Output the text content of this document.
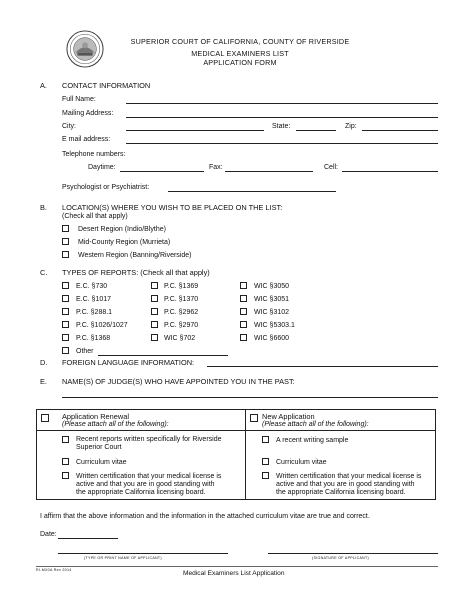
SUPERIOR COURT OF CALIFORNIA, COUNTY OF RIVERSIDE
MEDICAL EXAMINERS LIST
APPLICATION FORM
A. CONTACT INFORMATION
Full Name:
Mailing Address:
City:	State:	Zip:
E mail address:
Telephone numbers:
Daytime:	Fax:	Cell:
Psychologist or Psychiatrist:
B. LOCATION(S) WHERE YOU WISH TO BE PLACED ON THE LIST:
(Check all that apply)
Desert Region (Indio/Blythe)
Mid-County Region (Murrieta)
Western Region (Banning/Riverside)
C. TYPES OF REPORTS: (Check all that apply)
E.C. §730
E.C. §1017
P.C. §288.1
P.C. §1026/1027
P.C. §1368
Other
P.C. §1369
P.C. §1370
P.C. §2962
P.C. §2970
WIC §702
WIC §3050
WIC §3051
WIC §3102
WIC §5303.1
WIC §6600
D. FOREIGN LANGUAGE INFORMATION:
E. NAME(S) OF JUDGE(S) WHO HAVE APPOINTED YOU IN THE PAST:
Application Renewal
(Please attach all of the following):
New Application
(Please attach all of the following):
Recent reports written specifically for Riverside
Superior Court
Curriculum vitae
Written certification that your medical license is
active and that you are in good standing with
the appropriate California licensing board.
A recent writing sample
Curriculum vitae
Written certification that your medical license is
active and that you are in good standing with
the appropriate California licensing board.
I affirm that the above information and the information in the attached curriculum vitae are true and correct.
Date:
(TYPE OR PRINT NAME OF APPLICANT)	(SIGNATURE OF APPLICANT)
RI-MX0A Rev 2014	Medical Examiners List Application
